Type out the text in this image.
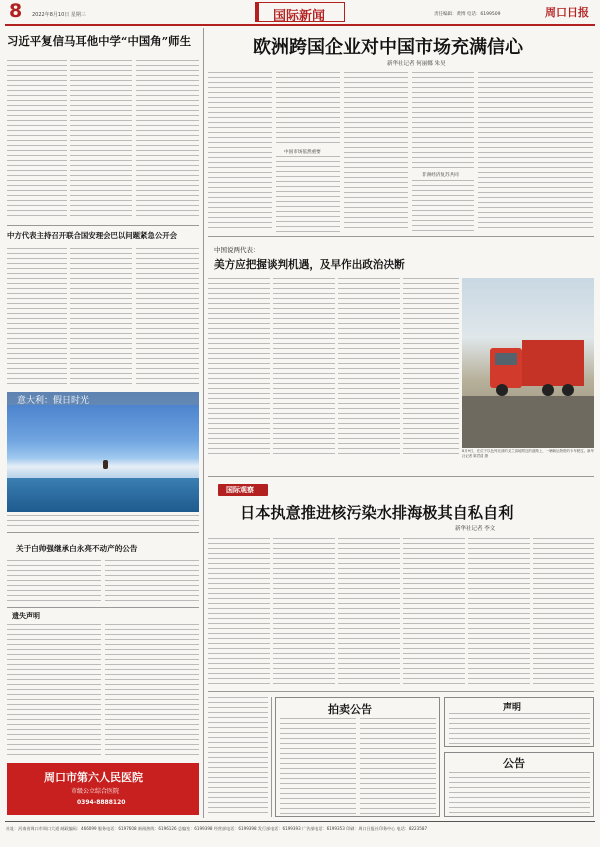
8 2022年8月10日 星期三	国际新闻	责任编辑：黄博 电话：6199509	周口日报
习近平复信马耳他中学“中国角”师生
中方代表主持召开联合国安理会巴以问题紧急公开会
意大利：假日时光
关于白帅强继承白永亮不动产的公告
遗失声明
周口市第六人民医院
市级公立综合医院
0394-8888120
欧洲跨国企业对中国市场充满信心
新华社记者 何丽娜 朱昊
中国市场依然重要
非洲经济复苏共同
中国说两代表：
美方应把握谈判机遇，及早作出政治决断
8月9日，在位于以色列北部的戈兰高地附近的道路上，一辆载运物资的卡车驶过。新华社记者 陈君清 摄
国际观察
日本执意推进核污染水排海极其自私自利
新华社记者 李文
拍卖公告	声明
公告
社址：河南省周口市周口大道 邮政编码：466099 服务电话：6197608 新闻热线：6196126 总编室：6199398 经营部电话：6199398 发行部电话：6199393 广告部电话：6199353 印刷：周口日报社印务中心 电话：8223587
